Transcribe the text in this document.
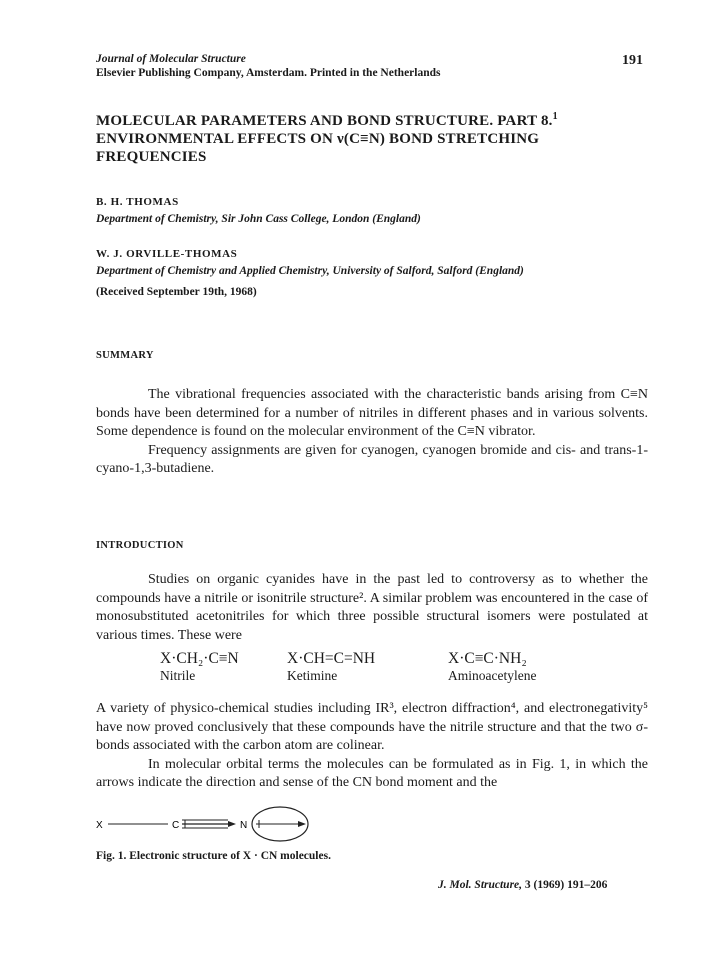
Journal of Molecular Structure
Elsevier Publishing Company, Amsterdam. Printed in the Netherlands
191
MOLECULAR PARAMETERS AND BOND STRUCTURE. PART 8.$^1$
ENVIRONMENTAL EFFECTS ON ν(C≡N) BOND STRETCHING
FREQUENCIES
B. H. THOMAS
Department of Chemistry, Sir John Cass College, London (England)
W. J. ORVILLE-THOMAS
Department of Chemistry and Applied Chemistry, University of Salford, Salford (England)
(Received September 19th, 1968)
SUMMARY

The vibrational frequencies associated with the characteristic bands arising from C≡N bonds have been determined for a number of nitriles in different phases and in various solvents. Some dependence is found on the molecular environment of the C≡N vibrator.

Frequency assignments are given for cyanogen, cyanogen bromide and cis- and trans-1-cyano-1,3-butadiene.

INTRODUCTION

Studies on organic cyanides have in the past led to controversy as to whether the compounds have a nitrile or isonitrile structure². A similar problem was encountered in the case of monosubstituted acetonitriles for which three possible structural isomers were postulated at various times. These were

X·CH₂·C≡N
Nitrile
X·CH=C=NH
Ketimine
X·C≡C·NH₂
Aminoacetylene

A variety of physico-chemical studies including IR³, electron diffraction⁴, and electronegativity⁵ have now proved conclusively that these compounds have the nitrile structure and that the two σ-bonds associated with the carbon atom are colinear.

In molecular orbital terms the molecules can be formulated as in Fig. 1, in which the arrows indicate the direction and sense of the CN bond moment and the

X	C	N
Fig. 1. Electronic structure of X · CN molecules.
J. Mol. Structure, 3 (1969) 191–206
